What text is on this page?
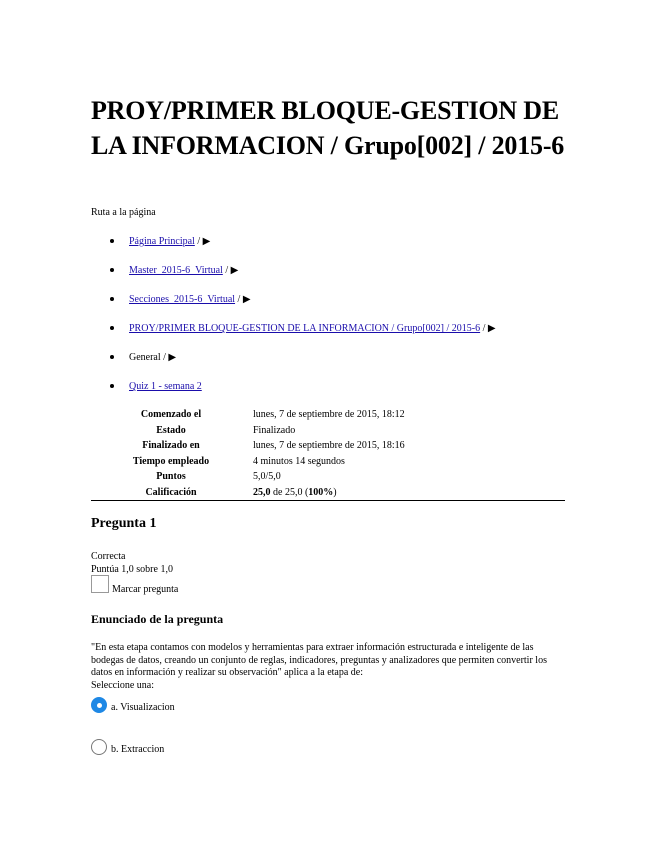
PROY/PRIMER BLOQUE-GESTION DE LA INFORMACION / Grupo[002] / 2015-6
Ruta a la página
Página Principal / ▶
Master_2015-6_Virtual / ▶
Secciones_2015-6_Virtual / ▶
PROY/PRIMER BLOQUE-GESTION DE LA INFORMACION / Grupo[002] / 2015-6 / ▶
General / ▶
Quiz 1 - semana 2
Comenzado el	lunes, 7 de septiembre de 2015, 18:12
Estado	Finalizado
Finalizado en	lunes, 7 de septiembre de 2015, 18:16
Tiempo empleado	4 minutos 14 segundos
Puntos	5,0/5,0
Calificación	25,0 de 25,0 (100%)
Pregunta 1
Correcta
Puntúa 1,0 sobre 1,0
Marcar pregunta
Enunciado de la pregunta
"En esta etapa contamos con modelos y herramientas para extraer información estructurada e inteligente de las bodegas de datos, creando un conjunto de reglas, indicadores, preguntas y analizadores que permiten convertir los datos en información y realizar su observación" aplica a la etapa de:
Seleccione una:
a. Visualizacion
b. Extraccion
